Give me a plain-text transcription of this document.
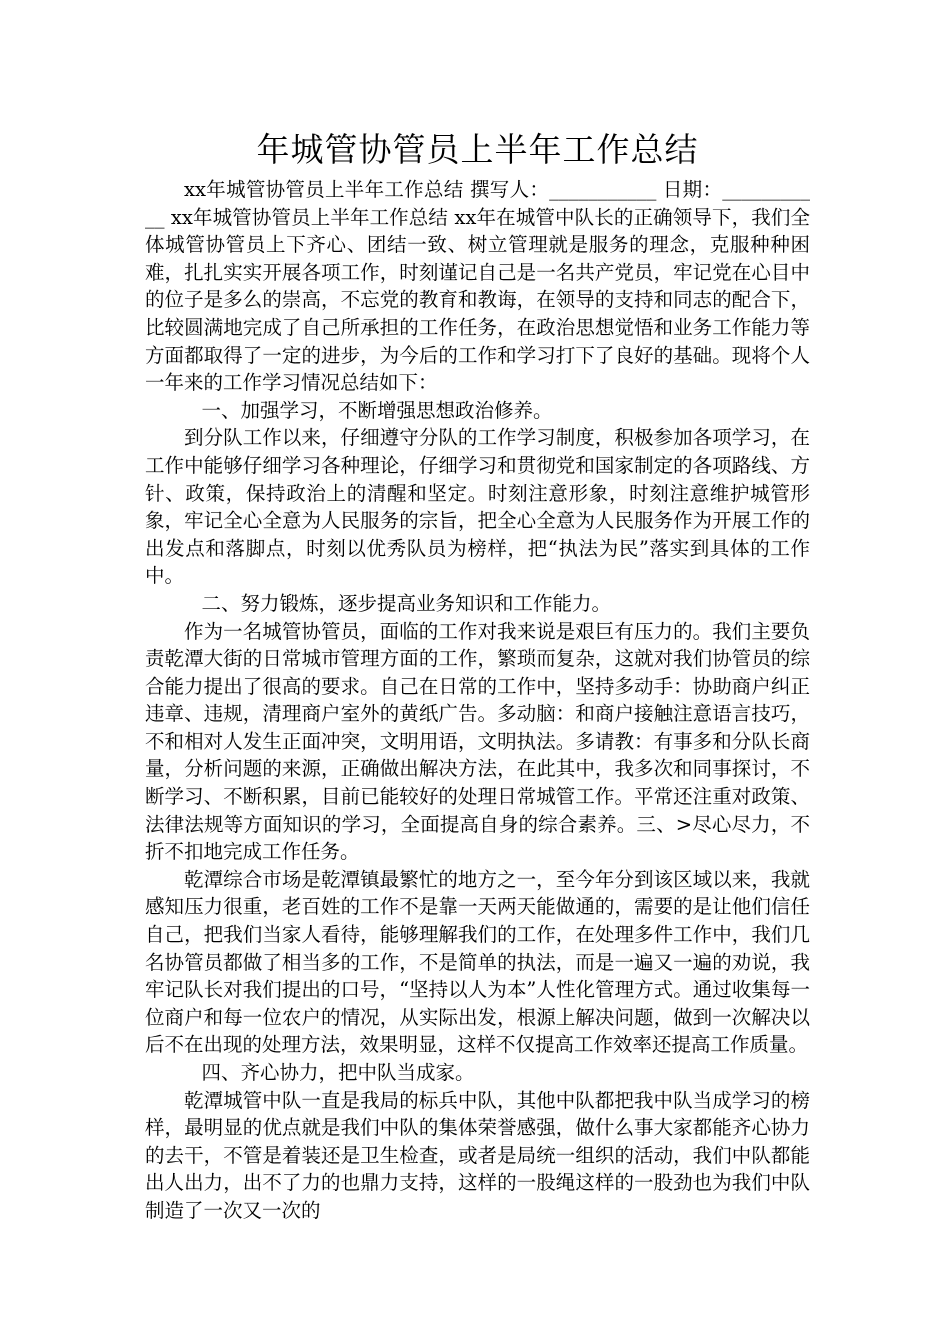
年城管协管员上半年工作总结

xx年城管协管员上半年工作总结 撰写人：___________ 日期：___________ xx年城管协管员上半年工作总结 xx年在城管中队长的正确领导下，我们全体城管协管员上下齐心、团结一致、树立管理就是服务的理念，克服种种困难，扎扎实实开展各项工作，时刻谨记自己是一名共产党员，牢记党在心目中的位子是多么的崇高，不忘党的教育和教诲，在领导的支持和同志的配合下，比较圆满地完成了自己所承担的工作任务，在政治思想觉悟和业务工作能力等方面都取得了一定的进步，为今后的工作和学习打下了良好的基础。现将个人一年来的工作学习情况总结如下：

一、加强学习，不断增强思想政治修养。

到分队工作以来，仔细遵守分队的工作学习制度，积极参加各项学习，在工作中能够仔细学习各种理论，仔细学习和贯彻党和国家制定的各项路线、方针、政策，保持政治上的清醒和坚定。时刻注意形象，时刻注意维护城管形象，牢记全心全意为人民服务的宗旨，把全心全意为人民服务作为开展工作的出发点和落脚点，时刻以优秀队员为榜样，把“执法为民”落实到具体的工作中。

二、努力锻炼，逐步提高业务知识和工作能力。

作为一名城管协管员，面临的工作对我来说是艰巨有压力的。我们主要负责乾潭大街的日常城市管理方面的工作，繁琐而复杂，这就对我们协管员的综合能力提出了很高的要求。自己在日常的工作中，坚持多动手：协助商户纠正违章、违规，清理商户室外的黄纸广告。多动脑：和商户接触注意语言技巧，不和相对人发生正面冲突，文明用语，文明执法。多请教：有事多和分队长商量，分析问题的来源，正确做出解决方法，在此其中，我多次和同事探讨，不断学习、不断积累，目前已能较好的处理日常城管工作。平常还注重对政策、法律法规等方面知识的学习，全面提高自身的综合素养。三、>尽心尽力，不折不扣地完成工作任务。

乾潭综合市场是乾潭镇最繁忙的地方之一，至今年分到该区域以来，我就感知压力很重，老百姓的工作不是靠一天两天能做通的，需要的是让他们信任自己，把我们当家人看待，能够理解我们的工作，在处理多件工作中，我们几名协管员都做了相当多的工作，不是简单的执法，而是一遍又一遍的劝说，我牢记队长对我们提出的口号，“坚持以人为本”人性化管理方式。通过收集每一位商户和每一位农户的情况，从实际出发，根源上解决问题，做到一次解决以后不在出现的处理方法，效果明显，这样不仅提高工作效率还提高工作质量。

四、齐心协力，把中队当成家。

乾潭城管中队一直是我局的标兵中队，其他中队都把我中队当成学习的榜样，最明显的优点就是我们中队的集体荣誉感强，做什么事大家都能齐心协力的去干，不管是着装还是卫生检查，或者是局统一组织的活动，我们中队都能出人出力，出不了力的也鼎力支持，这样的一股绳这样的一股劲也为我们中队制造了一次又一次的
